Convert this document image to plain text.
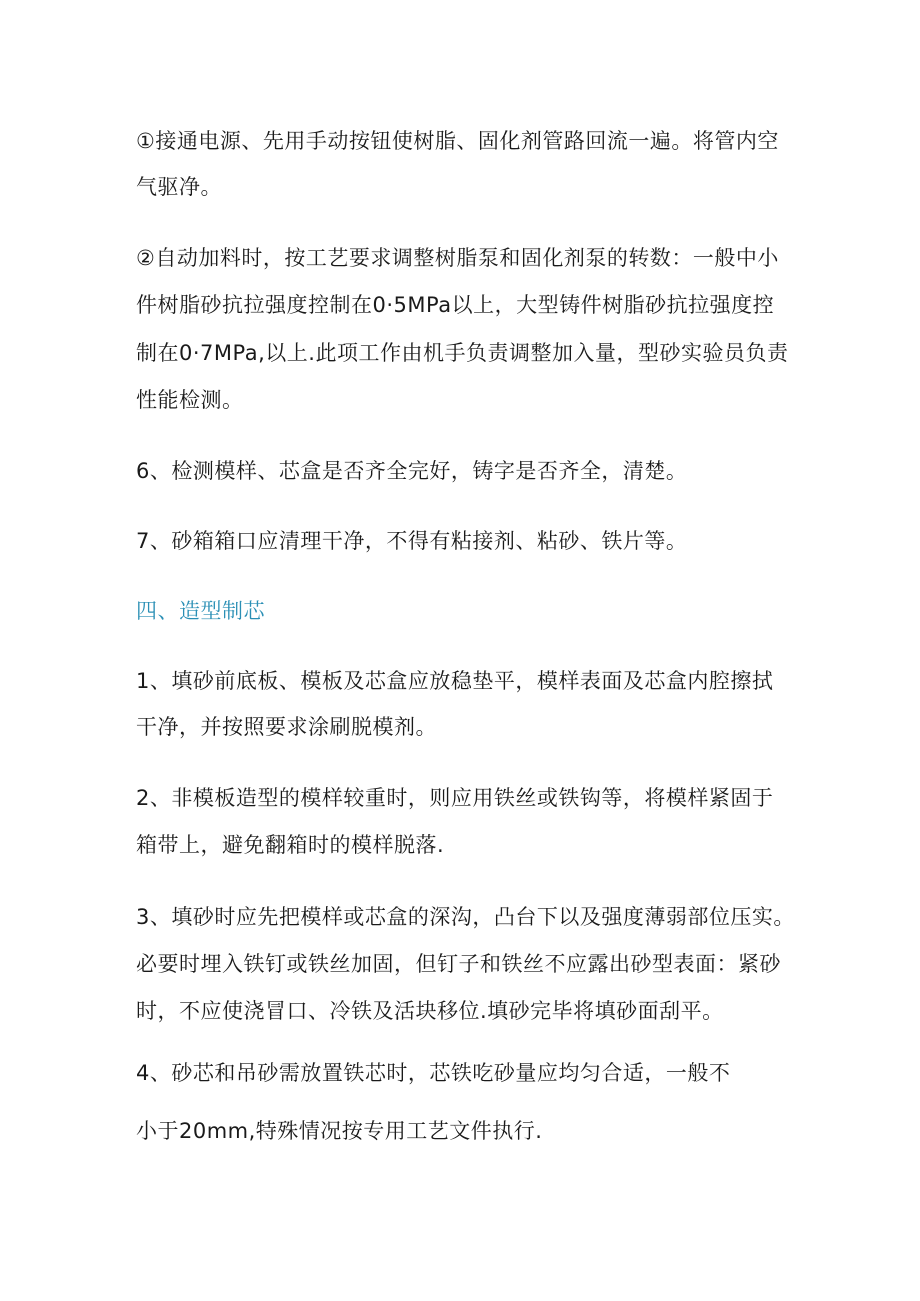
①接通电源、先用手动按钮使树脂、固化剂管路回流一遍。将管内空
气驱净。
②自动加料时，按工艺要求调整树脂泵和固化剂泵的转数：一般中小
件树脂砂抗拉强度控制在0·5MPa以上，大型铸件树脂砂抗拉强度控
制在0·7MPa,以上.此项工作由机手负责调整加入量，型砂实验员负责
性能检测。
6、检测模样、芯盒是否齐全完好，铸字是否齐全，清楚。
7、砂箱箱口应清理干净，不得有粘接剂、粘砂、铁片等。
四、造型制芯
1、填砂前底板、模板及芯盒应放稳垫平，模样表面及芯盒内腔擦拭
干净，并按照要求涂刷脱模剂。
2、非模板造型的模样较重时，则应用铁丝或铁钩等，将模样紧固于
箱带上，避免翻箱时的模样脱落.
3、填砂时应先把模样或芯盒的深沟，凸台下以及强度薄弱部位压实。
必要时埋入铁钉或铁丝加固，但钉子和铁丝不应露出砂型表面：紧砂
时，不应使浇冒口、冷铁及活块移位.填砂完毕将填砂面刮平。
4、砂芯和吊砂需放置铁芯时，芯铁吃砂量应均匀合适，一般不
小于20mm,特殊情况按专用工艺文件执行.
